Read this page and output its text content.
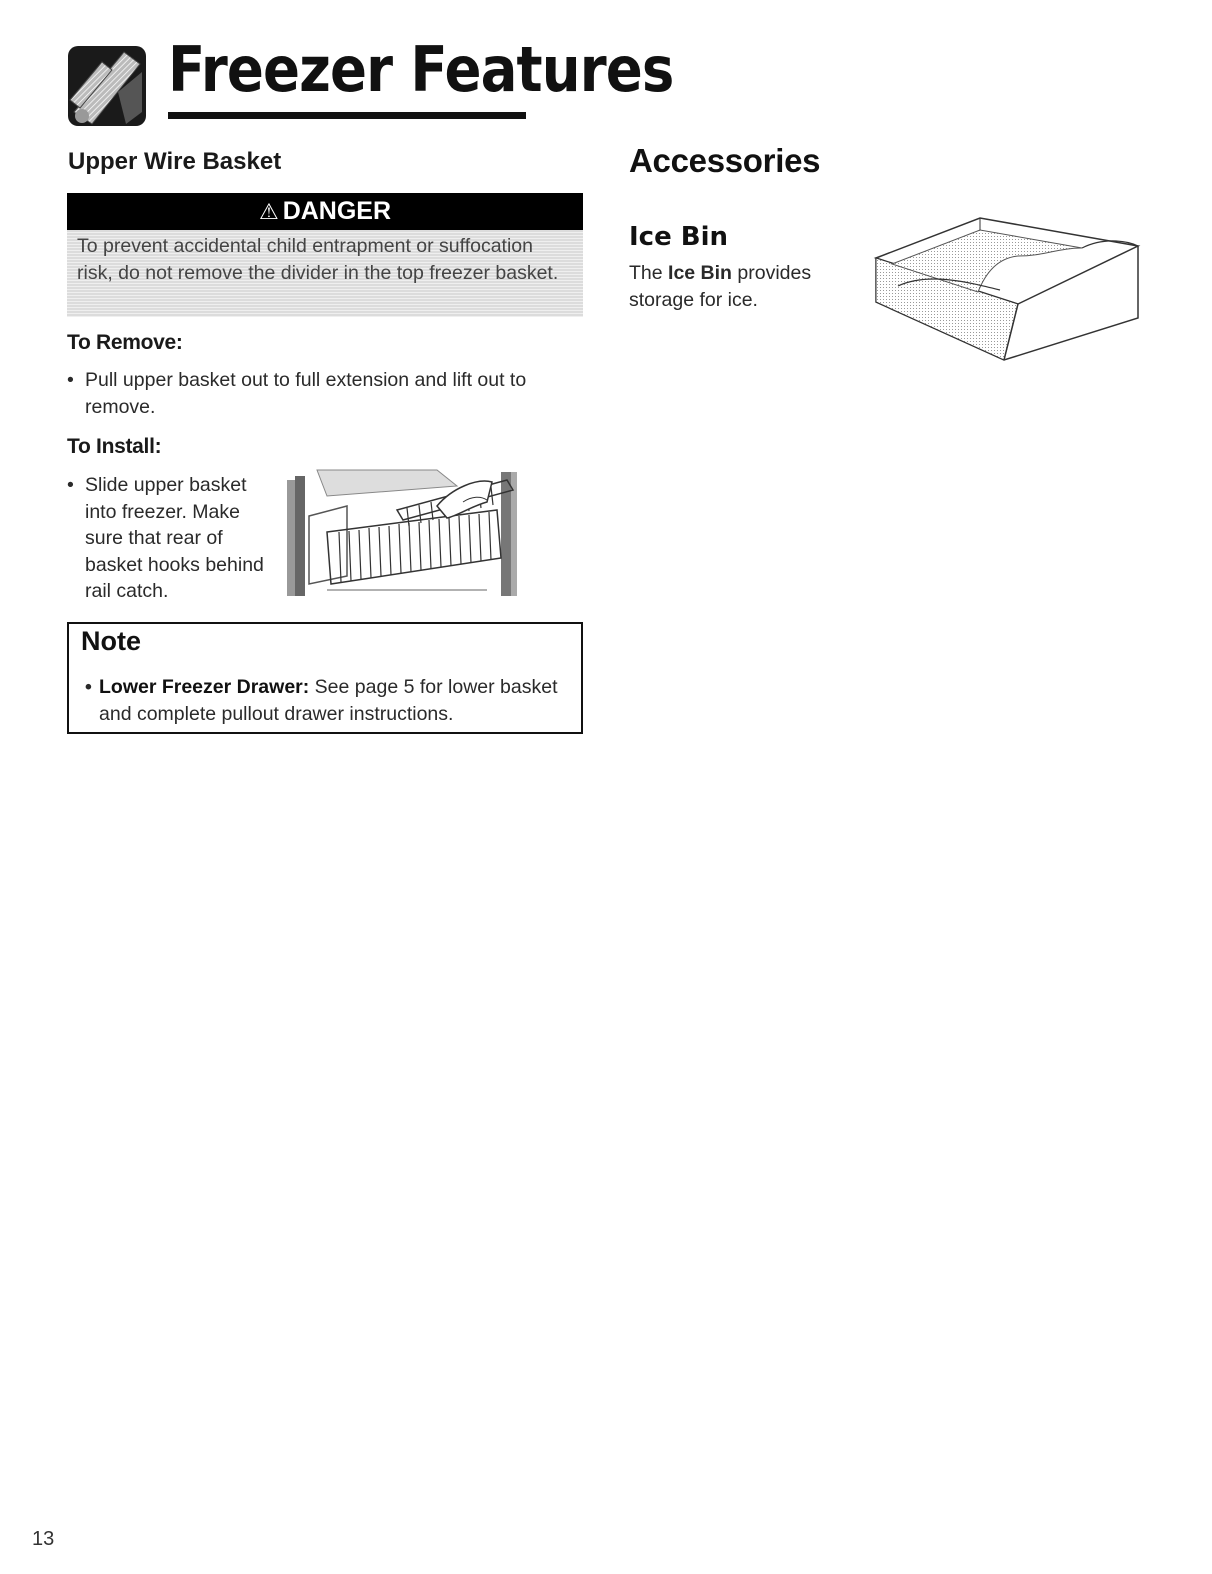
Freezer Features
Upper Wire Basket
⚠ DANGER
To prevent accidental child entrapment or suffocation risk, do not remove the divider in the top freezer basket.
To Remove:
• Pull upper basket out to full extension and lift out to remove.
To Install:
• Slide upper basket into freezer. Make sure that rear of basket hooks behind rail catch.
Note
• Lower Freezer Drawer: See page 5 for lower basket and complete pullout drawer instructions.
Accessories
Ice Bin
The Ice Bin provides storage for ice.
13
